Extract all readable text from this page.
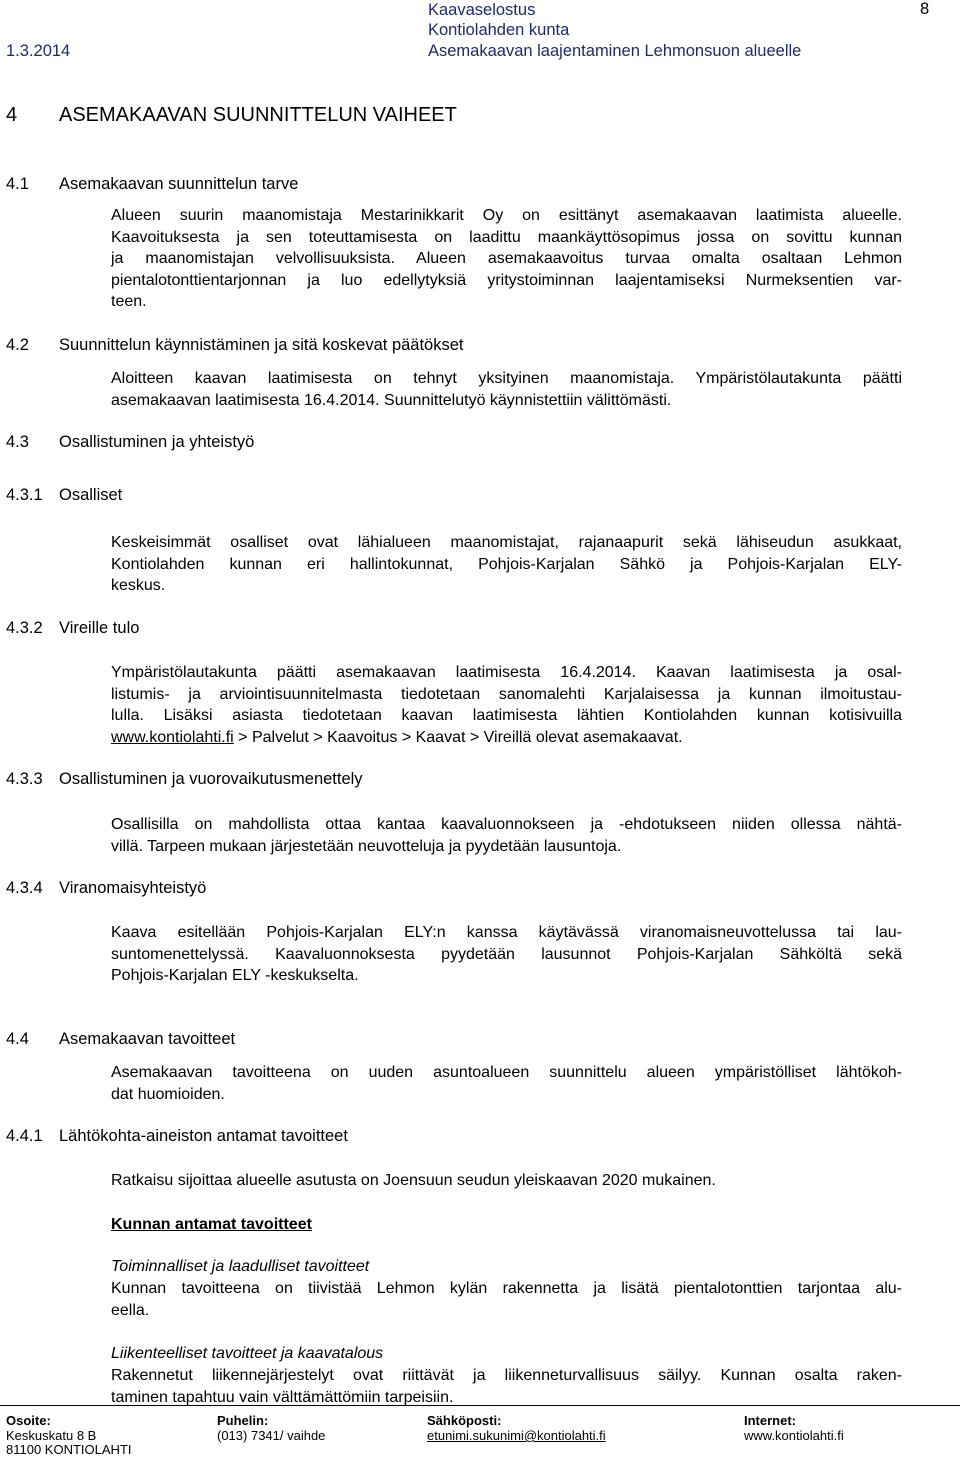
1.3.2014
Kaavaselostus
Kontiolahden kunta
Asemakaavan laajentaminen Lehmonsuon alueelle
8
4 ASEMAKAAVAN SUUNNITTELUN VAIHEET
4.1 Asemakaavan suunnittelun tarve
Alueen suurin maanomistaja Mestarinikkarit Oy on esittänyt asemakaavan laatimista alueelle.
Kaavoituksesta ja sen toteuttamisesta on laadittu maankäyttösopimus jossa on sovittu kunnan
ja maanomistajan velvollisuuksista. Alueen asemakaavoitus turvaa omalta osaltaan Lehmon
pientalotonttientarjonnan ja luo edellytyksiä yritystoiminnan laajentamiseksi Nurmeksentien var-
teen.
4.2 Suunnittelun käynnistäminen ja sitä koskevat päätökset
Aloitteen kaavan laatimisesta on tehnyt yksityinen maanomistaja. Ympäristölautakunta päätti
asemakaavan laatimisesta 16.4.2014. Suunnittelutyö käynnistettiin välittömästi.
4.3 Osallistuminen ja yhteistyö
4.3.1 Osalliset
Keskeisimmät osalliset ovat lähialueen maanomistajat, rajanaapurit sekä lähiseudun asukkaat,
Kontiolahden kunnan eri hallintokunnat, Pohjois-Karjalan Sähkö ja Pohjois-Karjalan ELY-
keskus.
4.3.2 Vireille tulo
Ympäristölautakunta päätti asemakaavan laatimisesta 16.4.2014. Kaavan laatimisesta ja osal-
listumis- ja arviointisuunnitelmasta tiedotetaan sanomalehti Karjalaisessa ja kunnan ilmoitustau-
lulla. Lisäksi asiasta tiedotetaan kaavan laatimisesta lähtien Kontiolahden kunnan kotisivuilla
www.kontiolahti.fi > Palvelut > Kaavoitus > Kaavat > Vireillä olevat asemakaavat.
4.3.3 Osallistuminen ja vuorovaikutusmenettely
Osallisilla on mahdollista ottaa kantaa kaavaluonnokseen ja -ehdotukseen niiden ollessa nähtä-
villä. Tarpeen mukaan järjestetään neuvotteluja ja pyydetään lausuntoja.
4.3.4 Viranomaisyhteistyö
Kaava esitellään Pohjois-Karjalan ELY:n kanssa käytävässä viranomaisneuvottelussa tai lau-
suntomenettelyssä. Kaavaluonnoksesta pyydetään lausunnot Pohjois-Karjalan Sähköltä sekä
Pohjois-Karjalan ELY -keskukselta.
4.4 Asemakaavan tavoitteet
Asemakaavan tavoitteena on uuden asuntoalueen suunnittelu alueen ympäristölliset lähtökoh-
dat huomioiden.
4.4.1 Lähtökohta-aineiston antamat tavoitteet
Ratkaisu sijoittaa alueelle asutusta on Joensuun seudun yleiskaavan 2020 mukainen.
Kunnan antamat tavoitteet
Toiminnalliset ja laadulliset tavoitteet
Kunnan tavoitteena on tiivistää Lehmon kylän rakennetta ja lisätä pientalotonttien tarjontaa alu-
eella.
Liikenteelliset tavoitteet ja kaavatalous
Rakennetut liikennejärjestelyt ovat riittävät ja liikenneturvallisuus säilyy. Kunnan osalta raken-
taminen tapahtuu vain välttämättömiin tarpeisiin.
Osoite:
Keskuskatu 8 B
81100 KONTIOLAHTI
Puhelin:
(013) 7341/ vaihde
Sähköposti:
etunimi.sukunimi@kontiolahti.fi
Internet:
www.kontiolahti.fi
